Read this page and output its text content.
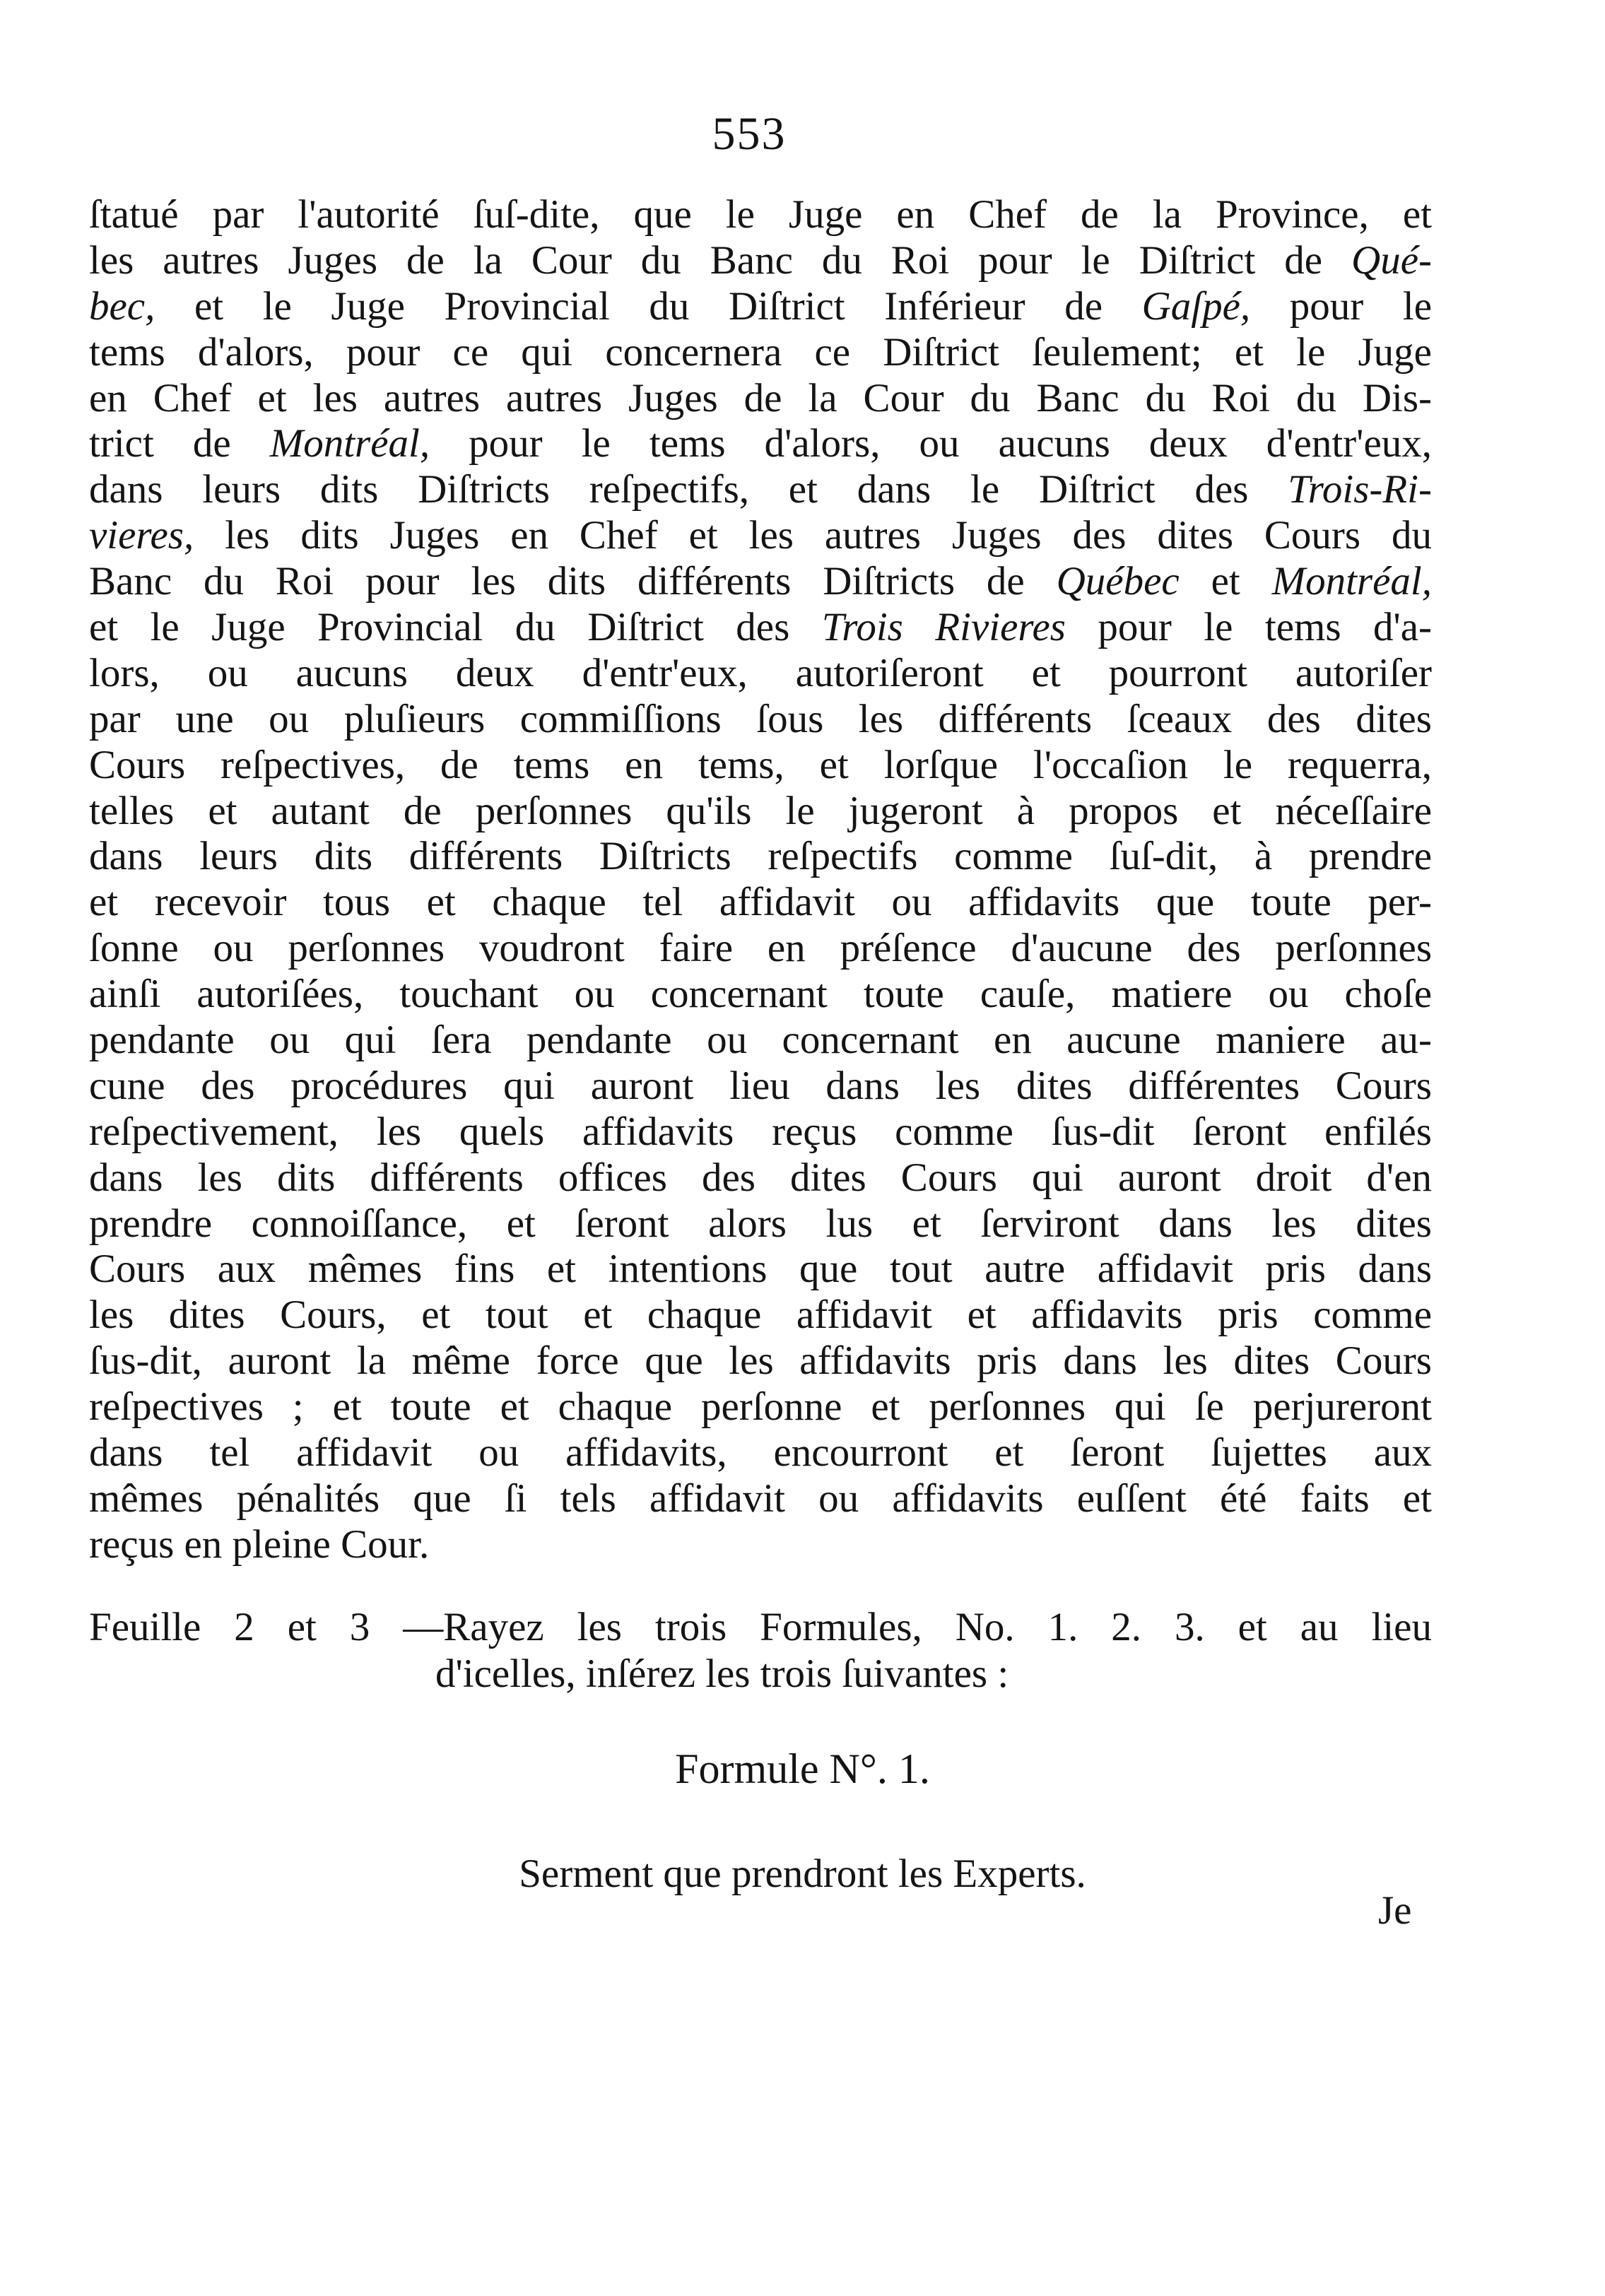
553
ſtatué par l'autorité ſuſ-dite, que le Juge en Chef de la Province, et
les autres Juges de la Cour du Banc du Roi pour le Diſtrict de Qué-
bec, et le Juge Provincial du Diſtrict Inférieur de Gaſpé, pour le
tems d'alors, pour ce qui concernera ce Diſtrict ſeulement; et le Juge
en Chef et les autres autres Juges de la Cour du Banc du Roi du Dis-
trict de Montréal, pour le tems d'alors, ou aucuns deux d'entr'eux,
dans leurs dits Diſtricts reſpectifs, et dans le Diſtrict des Trois-Ri-
vieres, les dits Juges en Chef et les autres Juges des dites Cours du
Banc du Roi pour les dits différents Diſtricts de Québec et Montréal,
et le Juge Provincial du Diſtrict des Trois Rivieres pour le tems d'a-
lors, ou aucuns deux d'entr'eux, autoriſeront et pourront autoriſer
par une ou pluſieurs commiſſions ſous les différents ſceaux des dites
Cours reſpectives, de tems en tems, et lorſque l'occaſion le requerra,
telles et autant de perſonnes qu'ils le jugeront à propos et néceſſaire
dans leurs dits différents Diſtricts reſpectifs comme ſuſ-dit, à prendre
et recevoir tous et chaque tel affidavit ou affidavits que toute per-
ſonne ou perſonnes voudront faire en préſence d'aucune des perſonnes
ainſi autoriſées, touchant ou concernant toute cauſe, matiere ou choſe
pendante ou qui ſera pendante ou concernant en aucune maniere au-
cune des procédures qui auront lieu dans les dites différentes Cours
reſpectivement, les quels affidavits reçus comme ſus-dit ſeront enfilés
dans les dits différents offices des dites Cours qui auront droit d'en
prendre connoiſſance, et ſeront alors lus et ſerviront dans les dites
Cours aux mêmes fins et intentions que tout autre affidavit pris dans
les dites Cours, et tout et chaque affidavit et affidavits pris comme
ſus-dit, auront la même force que les affidavits pris dans les dites Cours
reſpectives ; et toute et chaque perſonne et perſonnes qui ſe perjureront
dans tel affidavit ou affidavits, encourront et ſeront ſujettes aux
mêmes pénalités que ſi tels affidavit ou affidavits euſſent été faits et
reçus en pleine Cour.
Feuille 2 et 3 —Rayez les trois Formules, No. 1. 2. 3. et au lieu
d'icelles, inſérez les trois ſuivantes :
Formule N°. 1.
Serment que prendront les Experts.
Je
